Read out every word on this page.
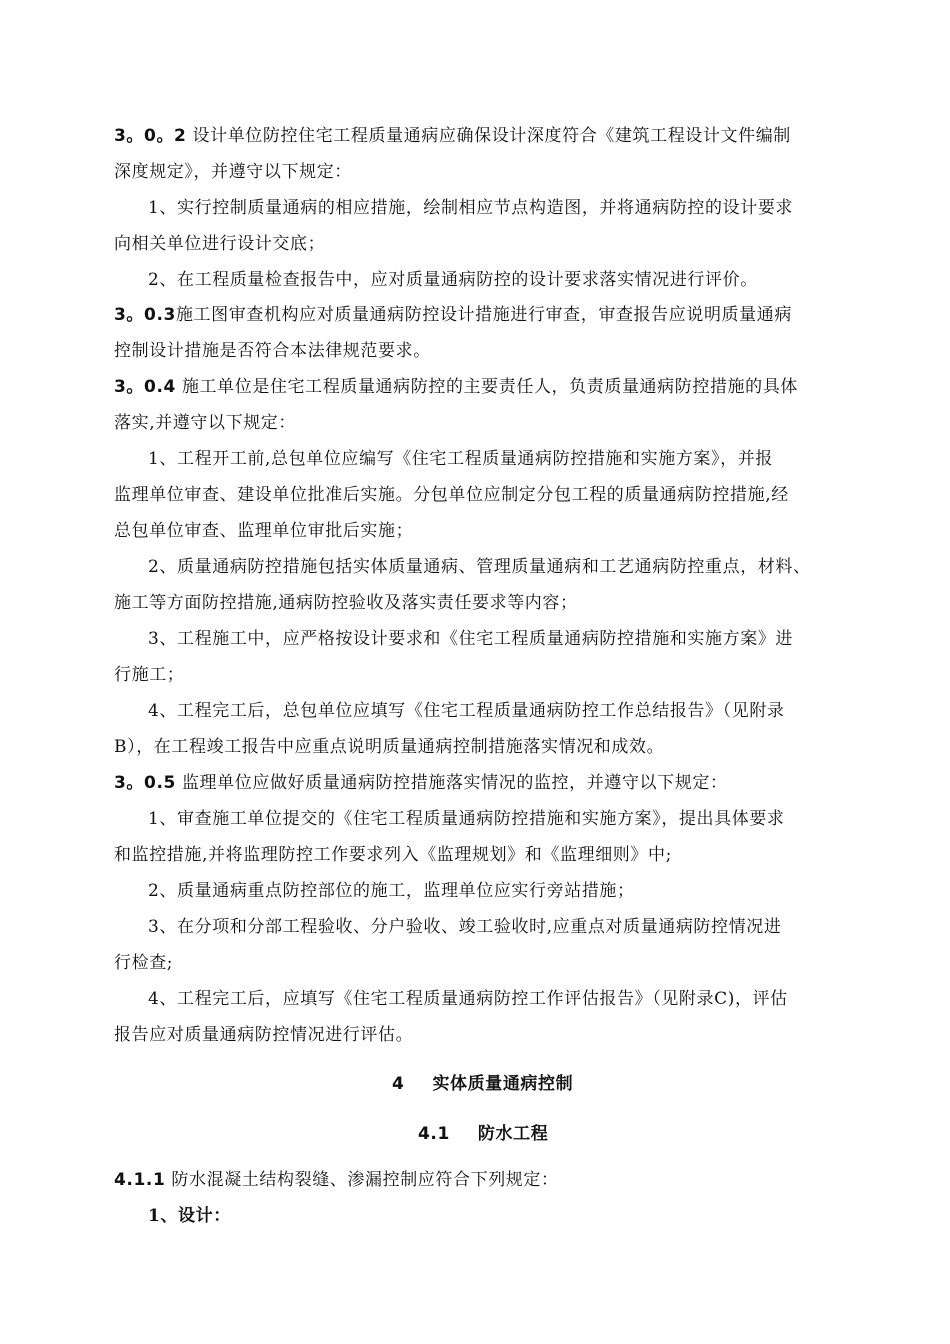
3。0。2 设计单位防控住宅工程质量通病应确保设计深度符合《建筑工程设计文件编制
深度规定》，并遵守以下规定：
1、实行控制质量通病的相应措施，绘制相应节点构造图，并将通病防控的设计要求
向相关单位进行设计交底；
2、在工程质量检查报告中，应对质量通病防控的设计要求落实情况进行评价。
3。0.3施工图审查机构应对质量通病防控设计措施进行审查，审查报告应说明质量通病
控制设计措施是否符合本法律规范要求。
3。0.4 施工单位是住宅工程质量通病防控的主要责任人，负责质量通病防控措施的具体
落实,并遵守以下规定：
1、工程开工前,总包单位应编写《住宅工程质量通病防控措施和实施方案》，并报
监理单位审查、建设单位批准后实施。分包单位应制定分包工程的质量通病防控措施,经
总包单位审查、监理单位审批后实施；
2、质量通病防控措施包括实体质量通病、管理质量通病和工艺通病防控重点，材料、
施工等方面防控措施,通病防控验收及落实责任要求等内容；
3、工程施工中，应严格按设计要求和《住宅工程质量通病防控措施和实施方案》进
行施工；
4、工程完工后，总包单位应填写《住宅工程质量通病防控工作总结报告》（见附录
B），在工程竣工报告中应重点说明质量通病控制措施落实情况和成效。
3。0.5 监理单位应做好质量通病防控措施落实情况的监控，并遵守以下规定：
1、审查施工单位提交的《住宅工程质量通病防控措施和实施方案》，提出具体要求
和监控措施,并将监理防控工作要求列入《监理规划》和《监理细则》中;
2、质量通病重点防控部位的施工，监理单位应实行旁站措施；
3、在分项和分部工程验收、分户验收、竣工验收时,应重点对质量通病防控情况进
行检查;
4、工程完工后，应填写《住宅工程质量通病防控工作评估报告》（见附录C)，评估
报告应对质量通病防控情况进行评估。
4 实体质量通病控制
4.1 防水工程
4.1.1 防水混凝土结构裂缝、渗漏控制应符合下列规定：
1、设计：
